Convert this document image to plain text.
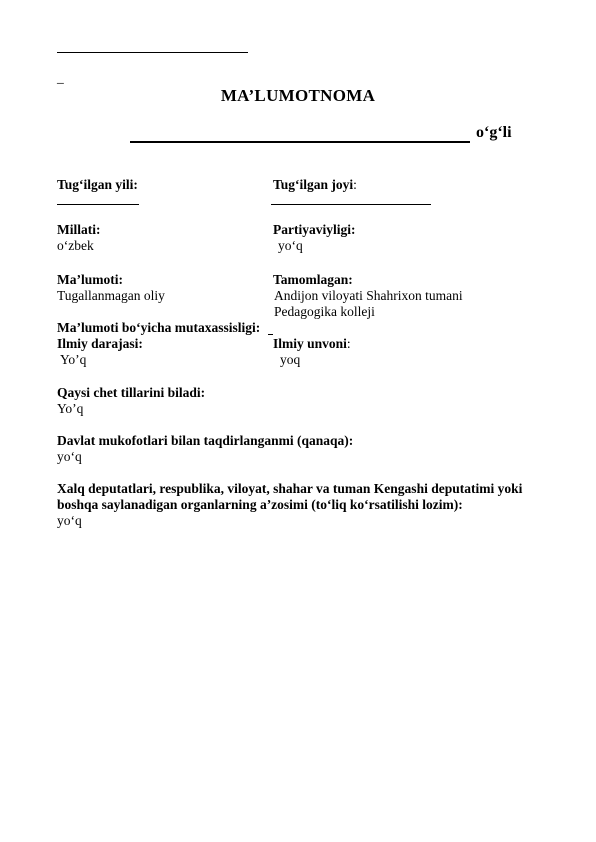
_
MA’LUMOTNOMA
o‘g‘li
Tug‘ilgan yili:	Tug‘ilgan joyi:
Millati:
o‘zbek
Partiyaviyligi:
yo‘q
Ma’lumoti:
Tugallanmagan oliy
Tamomlagan:
Andijon viloyati Shahrixon tumani
Pedagogika kolleji
Ma’lumoti bo‘yicha mutaxassisligi:
Ilmiy darajasi:
Yo’q
Ilmiy unvoni:
yoq
Qaysi chet tillarini biladi:
Yo’q
Davlat mukofotlari bilan taqdirlanganmi (qanaqa):
yo‘q
Xalq deputatlari, respublika, viloyat, shahar va tuman Kengashi deputatimi yoki
boshqa saylanadigan organlarning a’zosimi (to‘liq ko‘rsatilishi lozim):
yo‘q
